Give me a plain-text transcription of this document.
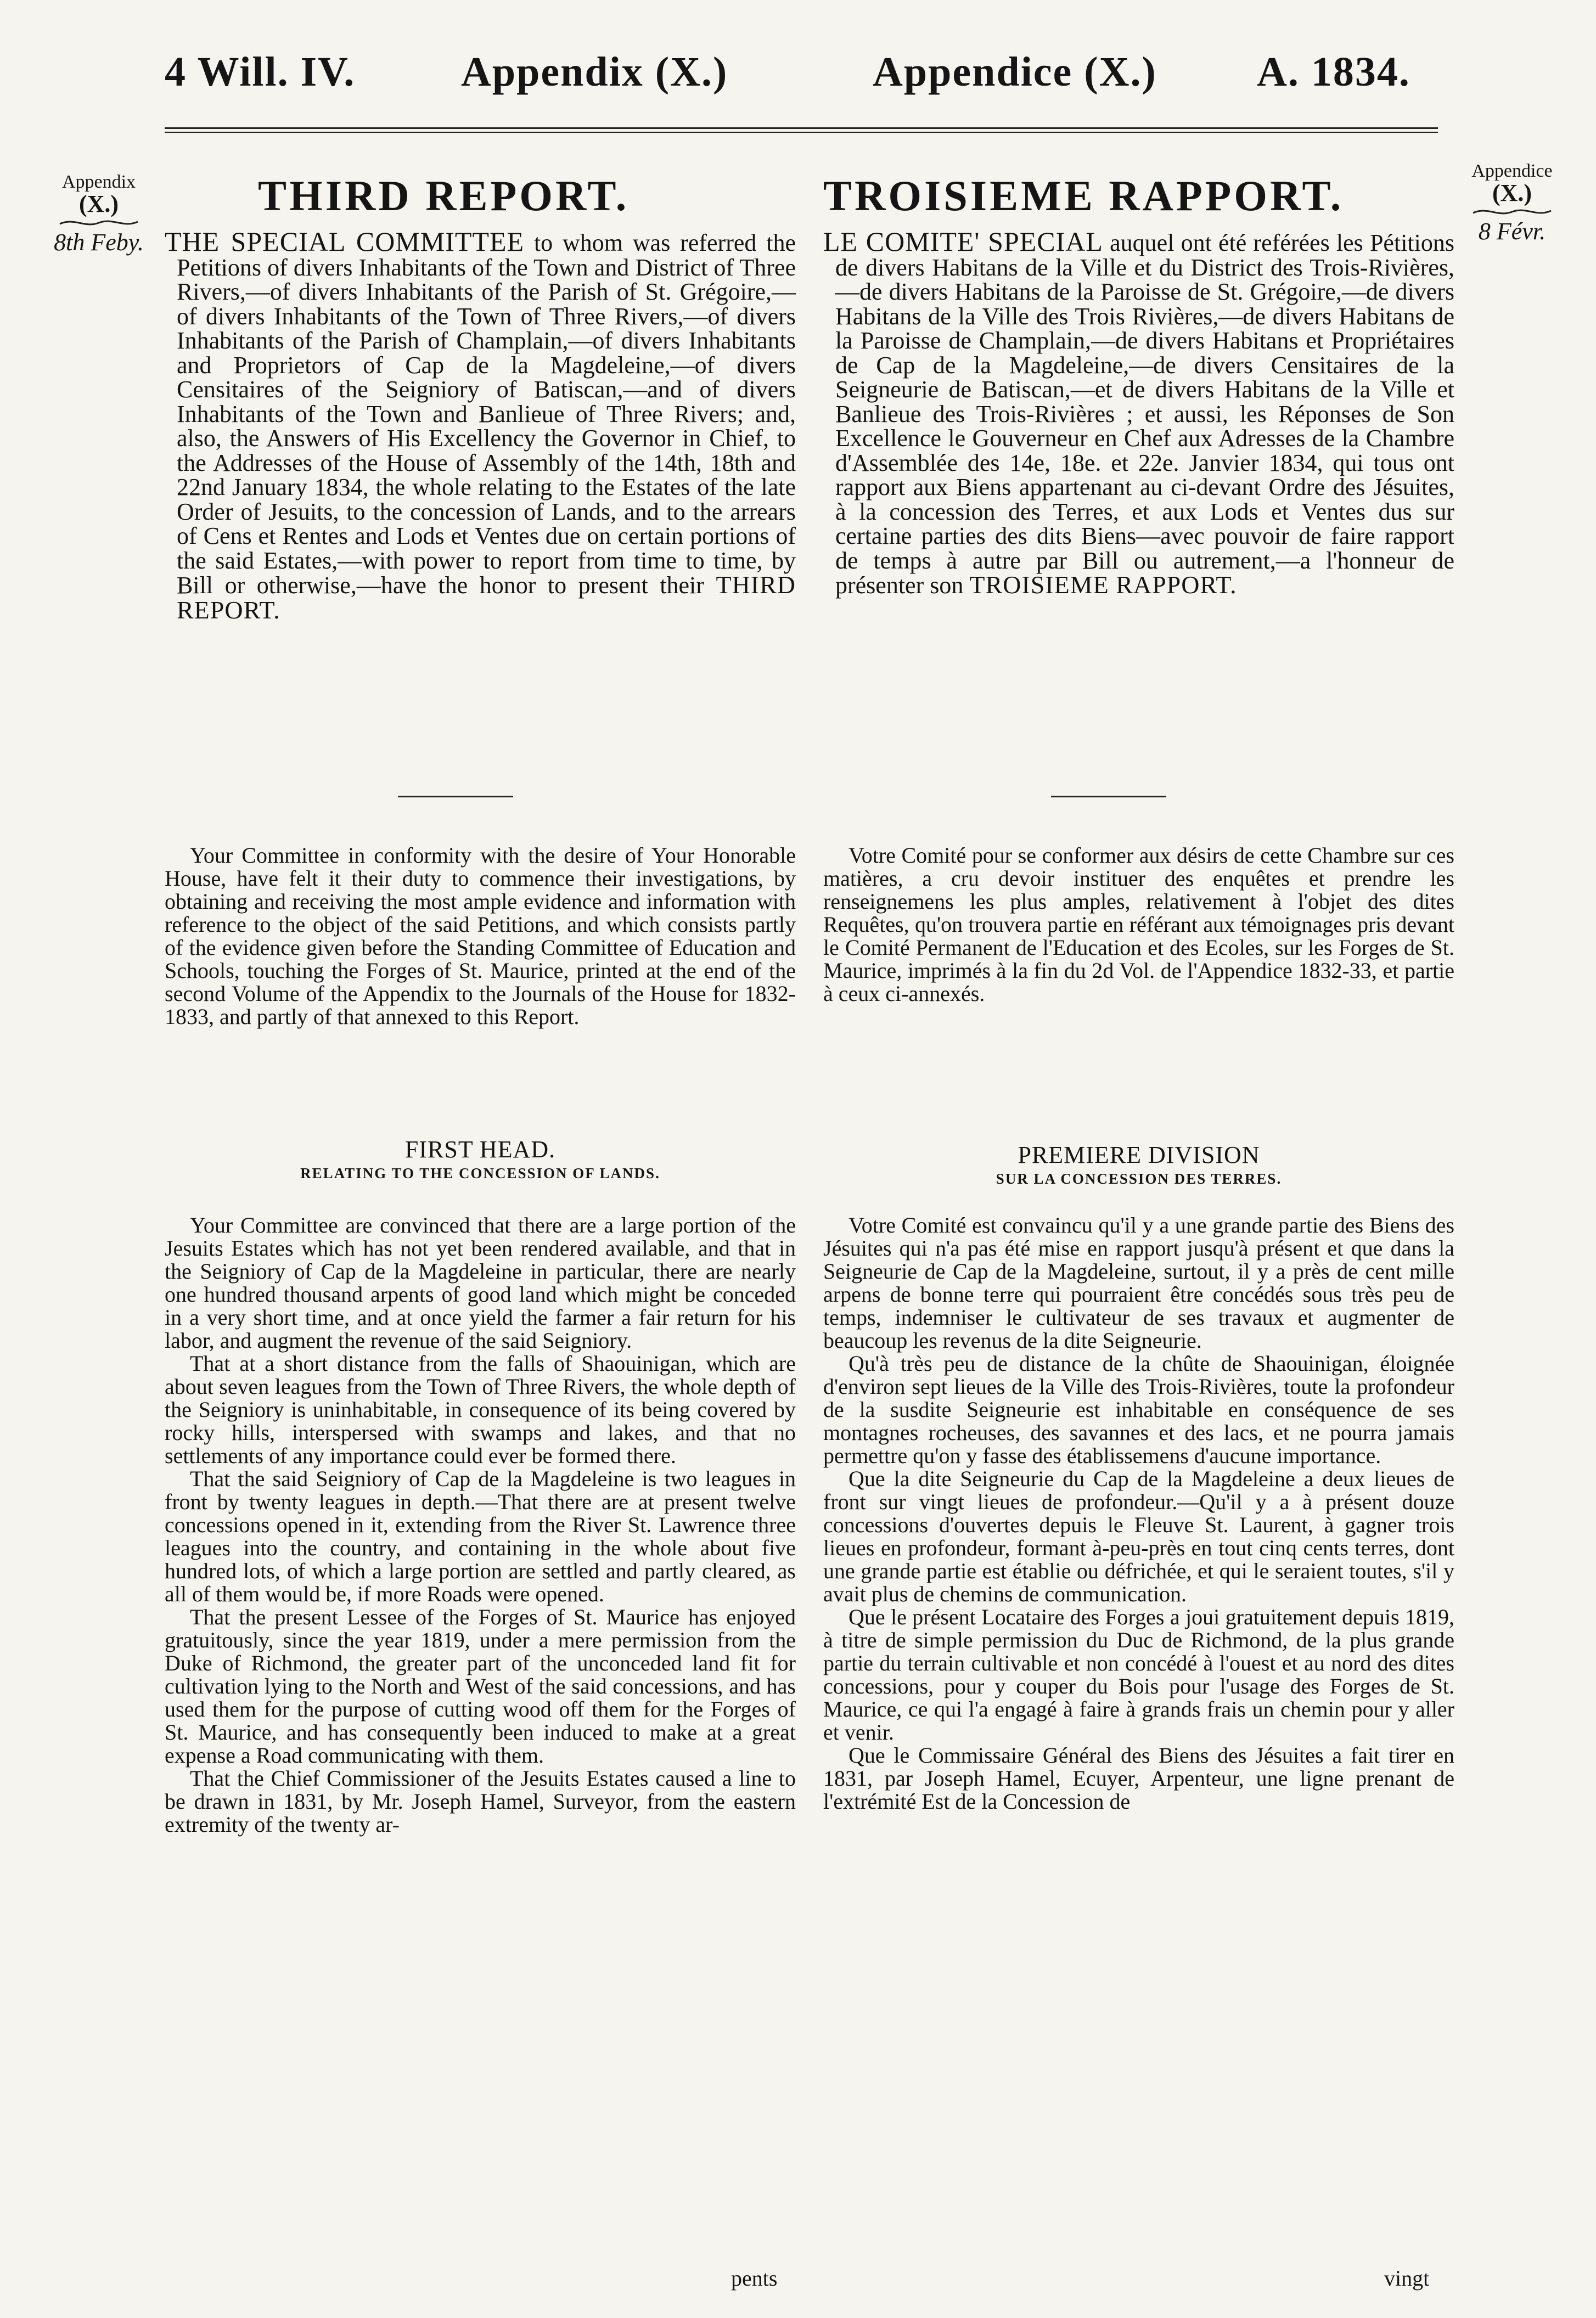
4 Will. IV.	Appendix (X.)	Appendice (X.) A. 1834.
Appendix
(X.)
8th Feby.
Appendice
(X.)
8 Févr.
THIRD REPORT.	TROISIEME RAPPORT.
THE SPECIAL COMMITTEE to whom was referred the Petitions of divers Inhabitants of the Town and District of Three Rivers,—of divers Inhabitants of the Parish of St. Grégoire,—of divers Inhabitants of the Town of Three Rivers,—of divers Inhabitants of the Parish of Champlain,—of divers Inhabitants and Proprietors of Cap de la Magdeleine,—of divers Censitaires of the Seigniory of Batiscan,—and of divers Inhabitants of the Town and Banlieue of Three Rivers; and, also, the Answers of His Excellency the Governor in Chief, to the Addresses of the House of Assembly of the 14th, 18th and 22nd January 1834, the whole relating to the Estates of the late Order of Jesuits, to the concession of Lands, and to the arrears of Cens et Rentes and Lods et Ventes due on certain portions of the said Estates,—with power to report from time to time, by Bill or otherwise,—have the honor to present their THIRD REPORT.
LE COMITE' SPECIAL auquel ont été reférées les Pétitions de divers Habitans de la Ville et du District des Trois-Rivières,—de divers Habitans de la Paroisse de St. Grégoire,—de divers Habitans de la Ville des Trois Rivières,—de divers Habitans de la Paroisse de Champlain,—de divers Habitans et Propriétaires de Cap de la Magdeleine,—de divers Censitaires de la Seigneurie de Batiscan,—et de divers Habitans de la Ville et Banlieue des Trois-Rivières ; et aussi, les Réponses de Son Excellence le Gouverneur en Chef aux Adresses de la Chambre d'Assemblée des 14e, 18e. et 22e. Janvier 1834, qui tous ont rapport aux Biens appartenant au ci-devant Ordre des Jésuites, à la concession des Terres, et aux Lods et Ventes dus sur certaine parties des dits Biens—avec pouvoir de faire rapport de temps à autre par Bill ou autrement,—a l'honneur de présenter son TROISIEME RAPPORT.

Your Committee in conformity with the desire of Your Honorable House, have felt it their duty to commence their investigations, by obtaining and receiving the most ample evidence and information with reference to the object of the said Petitions, and which consists partly of the evidence given before the Standing Committee of Education and Schools, touching the Forges of St. Maurice, printed at the end of the second Volume of the Appendix to the Journals of the House for 1832-1833, and partly of that annexed to this Report.

Votre Comité pour se conformer aux désirs de cette Chambre sur ces matières, a cru devoir instituer des enquêtes et prendre les renseignemens les plus amples, relativement à l'objet des dites Requêtes, qu'on trouvera partie en référant aux témoignages pris devant le Comité Permanent de l'Education et des Ecoles, sur les Forges de St. Maurice, imprimés à la fin du 2d Vol. de l'Appendice 1832-33, et partie à ceux ci-annexés.

FIRST HEAD.
RELATING TO THE CONCESSION OF LANDS.
PREMIERE DIVISION
SUR LA CONCESSION DES TERRES.

Your Committee are convinced that there are a large portion of the Jesuits Estates which has not yet been rendered available, and that in the Seigniory of Cap de la Magdeleine in particular, there are nearly one hundred thousand arpents of good land which might be conceded in a very short time, and at once yield the farmer a fair return for his labor, and augment the revenue of the said Seigniory.

That at a short distance from the falls of Shaouinigan, which are about seven leagues from the Town of Three Rivers, the whole depth of the Seigniory is uninhabitable, in consequence of its being covered by rocky hills, interspersed with swamps and lakes, and that no settlements of any importance could ever be formed there.

That the said Seigniory of Cap de la Magdeleine is two leagues in front by twenty leagues in depth.—That there are at present twelve concessions opened in it, extending from the River St. Lawrence three leagues into the country, and containing in the whole about five hundred lots, of which a large portion are settled and partly cleared, as all of them would be, if more Roads were opened.

That the present Lessee of the Forges of St. Maurice has enjoyed gratuitously, since the year 1819, under a mere permission from the Duke of Richmond, the greater part of the unconceded land fit for cultivation lying to the North and West of the said concessions, and has used them for the purpose of cutting wood off them for the Forges of St. Maurice, and has consequently been induced to make at a great expense a Road communicating with them.

That the Chief Commissioner of the Jesuits Estates caused a line to be drawn in 1831, by Mr. Joseph Hamel, Surveyor, from the eastern extremity of the twenty ar-

Votre Comité est convaincu qu'il y a une grande partie des Biens des Jésuites qui n'a pas été mise en rapport jusqu'à présent et que dans la Seigneurie de Cap de la Magdeleine, surtout, il y a près de cent mille arpens de bonne terre qui pourraient être concédés sous très peu de temps, indemniser le cultivateur de ses travaux et augmenter de beaucoup les revenus de la dite Seigneurie.

Qu'à très peu de distance de la chûte de Shaouinigan, éloignée d'environ sept lieues de la Ville des Trois-Rivières, toute la profondeur de la susdite Seigneurie est inhabitable en conséquence de ses montagnes rocheuses, des savannes et des lacs, et ne pourra jamais permettre qu'on y fasse des établissemens d'aucune importance.

Que la dite Seigneurie du Cap de la Magdeleine a deux lieues de front sur vingt lieues de profondeur.—Qu'il y a à présent douze concessions d'ouvertes depuis le Fleuve St. Laurent, à gagner trois lieues en profondeur, formant à-peu-près en tout cinq cents terres, dont une grande partie est établie ou défrichée, et qui le seraient toutes, s'il y avait plus de chemins de communication.

Que le présent Locataire des Forges a joui gratuitement depuis 1819, à titre de simple permission du Duc de Richmond, de la plus grande partie du terrain cultivable et non concédé à l'ouest et au nord des dites concessions, pour y couper du Bois pour l'usage des Forges de St. Maurice, ce qui l'a engagé à faire à grands frais un chemin pour y aller et venir.

Que le Commissaire Général des Biens des Jésuites a fait tirer en 1831, par Joseph Hamel, Ecuyer, Arpenteur, une ligne prenant de l'extrémité Est de la Concession de

pents	vingt
